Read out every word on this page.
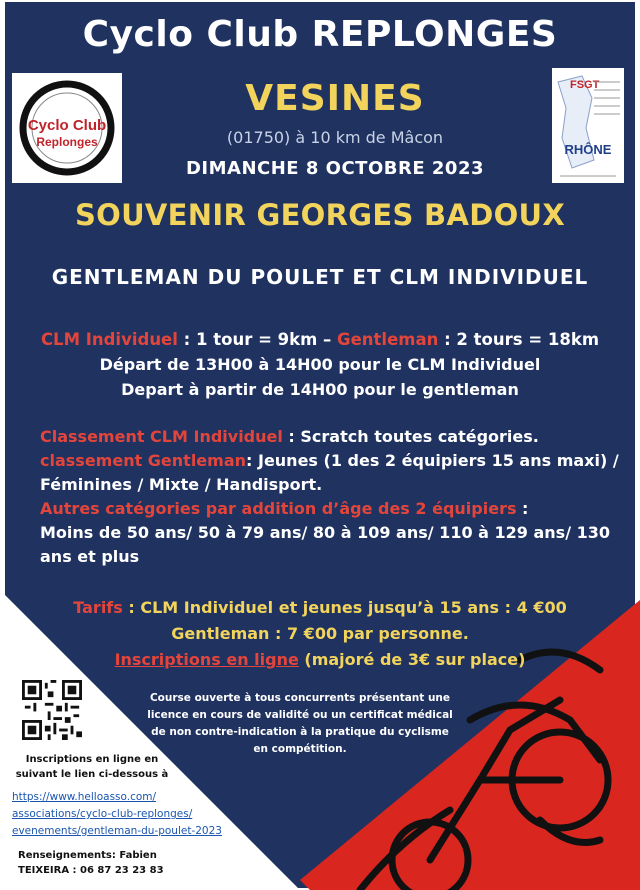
Cyclo Club REPLONGES
Cyclo Club
Replonges
FSGT
RHÔNE
VESINES
(01750) à 10 km de Mâcon
DIMANCHE 8 OCTOBRE 2023
SOUVENIR GEORGES BADOUX
GENTLEMAN DU POULET ET CLM INDIVIDUEL
CLM Individuel : 1 tour = 9km – Gentleman : 2 tours = 18km
Départ de 13H00 à 14H00 pour le CLM Individuel
Depart à partir de 14H00 pour le gentleman
Classement CLM Individuel : Scratch toutes catégories.
classement Gentleman: Jeunes (1 des 2 équipiers 15 ans maxi) / Féminines / Mixte / Handisport.
Autres catégories par addition d’âge des 2 équipiers :
Moins de 50 ans/ 50 à 79 ans/ 80 à 109 ans/ 110 à 129 ans/ 130 ans et plus
Tarifs : CLM Individuel et jeunes jusqu’à 15 ans : 4 €00
Gentleman : 7 €00 par personne.
Inscriptions en ligne (majoré de 3€ sur place)
Course ouverte à tous concurrents présentant une
licence en cours de validité ou un certificat médical
de non contre-indication à la pratique du cyclisme
en compétition.
Inscriptions en ligne en
suivant le lien ci-dessous à
https://www.helloasso.com/
associations/cyclo-club-replonges/
evenements/gentleman-du-poulet-2023
Renseignements: Fabien
TEIXEIRA : 06 87 23 23 83
